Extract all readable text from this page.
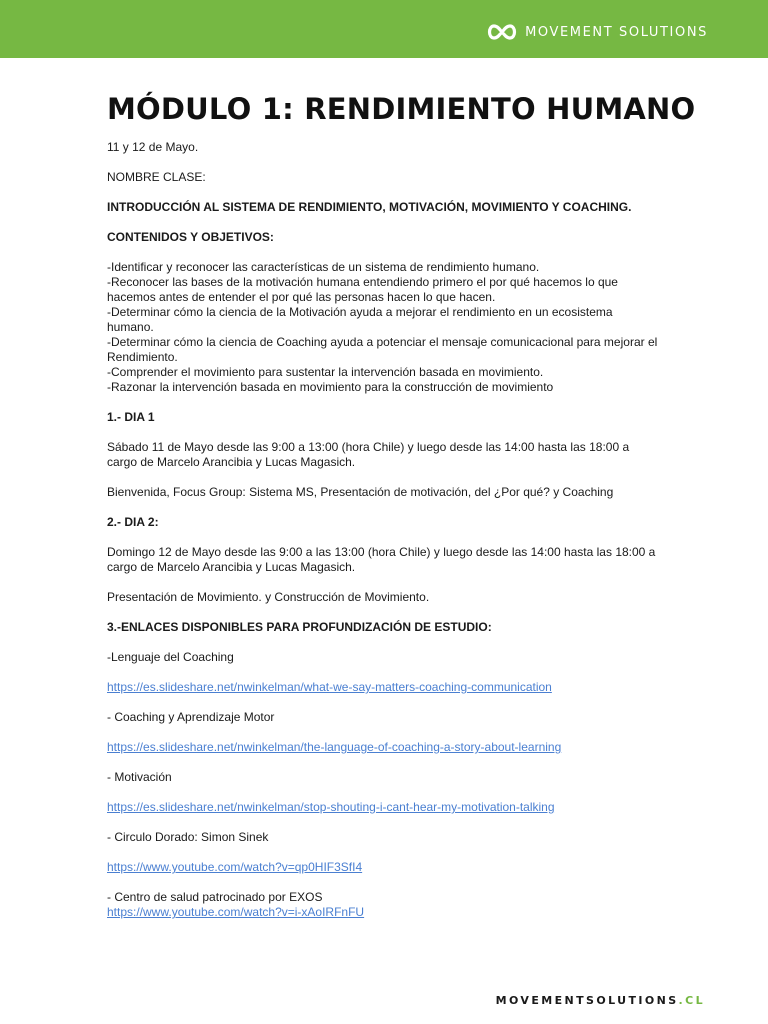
MOVEMENT SOLUTIONS
MÓDULO 1: RENDIMIENTO HUMANO
11 y 12 de Mayo.
NOMBRE CLASE:
INTRODUCCIÓN AL SISTEMA DE RENDIMIENTO, MOTIVACIÓN, MOVIMIENTO Y COACHING.
CONTENIDOS Y OBJETIVOS:
-Identificar y reconocer las características de un sistema de rendimiento humano.
-Reconocer las bases de la motivación humana entendiendo primero el por qué hacemos lo que hacemos antes de entender el por qué las personas hacen lo que hacen.
-Determinar cómo la ciencia de la Motivación ayuda a mejorar el rendimiento en un ecosistema humano.
-Determinar cómo la ciencia de Coaching ayuda a potenciar el mensaje comunicacional para mejorar el Rendimiento.
-Comprender el movimiento para sustentar la intervención basada en movimiento.
-Razonar la intervención basada en movimiento para la construcción de movimiento
1.- DIA 1
Sábado 11 de Mayo desde las 9:00 a 13:00 (hora Chile) y luego desde las 14:00 hasta las 18:00 a cargo de Marcelo Arancibia y Lucas Magasich.
Bienvenida, Focus Group: Sistema MS, Presentación de motivación, del ¿Por qué? y Coaching
2.- DIA 2:
Domingo 12 de Mayo desde las 9:00 a las 13:00 (hora Chile) y luego desde las 14:00 hasta las 18:00 a cargo de Marcelo Arancibia y Lucas Magasich.
Presentación de Movimiento. y Construcción de Movimiento.
3.-ENLACES DISPONIBLES PARA PROFUNDIZACIÓN DE ESTUDIO:
-Lenguaje del Coaching
https://es.slideshare.net/nwinkelman/what-we-say-matters-coaching-communication
- Coaching y Aprendizaje Motor
https://es.slideshare.net/nwinkelman/the-language-of-coaching-a-story-about-learning
- Motivación
https://es.slideshare.net/nwinkelman/stop-shouting-i-cant-hear-my-motivation-talking
- Circulo Dorado: Simon Sinek
https://www.youtube.com/watch?v=qp0HIF3SfI4
- Centro de salud patrocinado por EXOS
https://www.youtube.com/watch?v=i-xAoIRFnFU
MOVEMENTSOLUTIONS.CL
